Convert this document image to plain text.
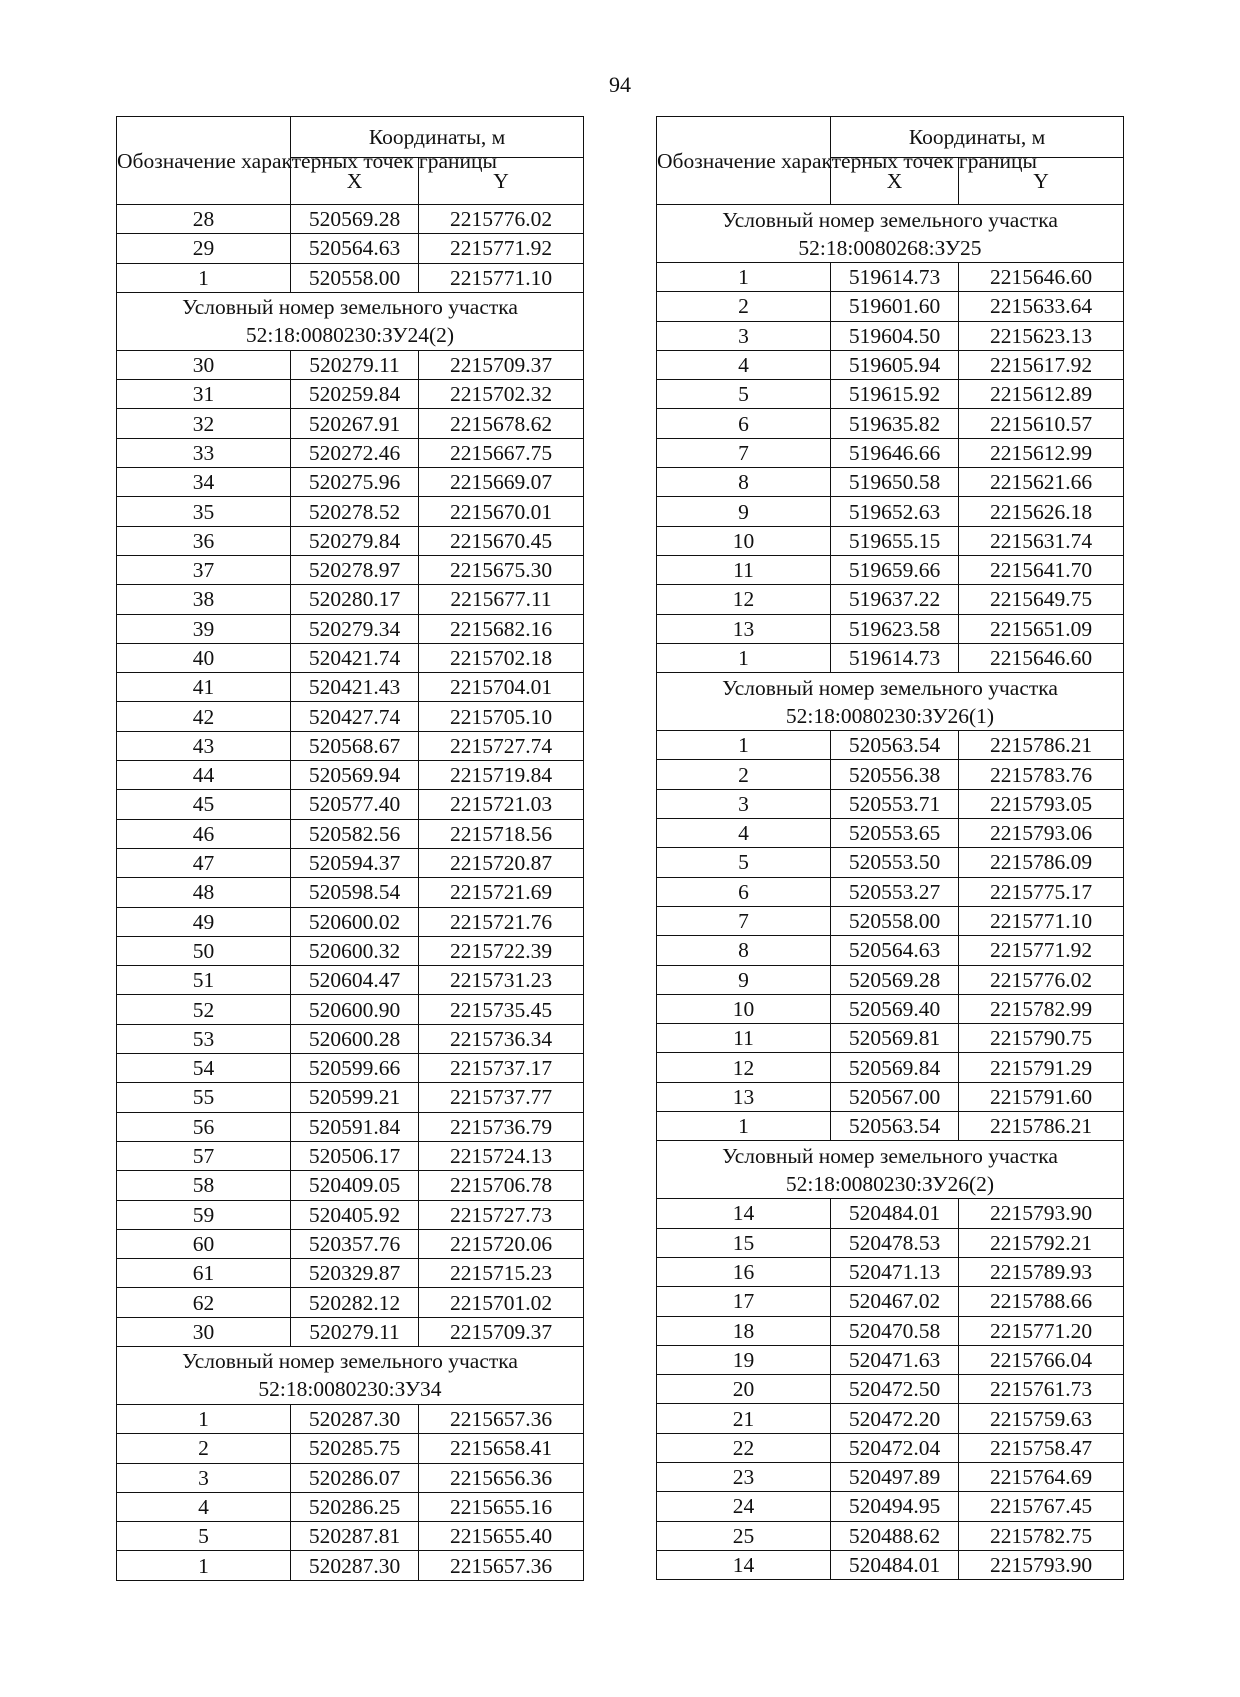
94
Обозначение характерных точек границы	Координаты, м	
	X	Y
28	520569.28	2215776.02
29	520564.63	2215771.92
1	520558.00	2215771.10
Условный номер земельного участка
52:18:0080230:ЗУ24(2)		
30	520279.11	2215709.37
31	520259.84	2215702.32
32	520267.91	2215678.62
33	520272.46	2215667.75
34	520275.96	2215669.07
35	520278.52	2215670.01
36	520279.84	2215670.45
37	520278.97	2215675.30
38	520280.17	2215677.11
39	520279.34	2215682.16
40	520421.74	2215702.18
41	520421.43	2215704.01
42	520427.74	2215705.10
43	520568.67	2215727.74
44	520569.94	2215719.84
45	520577.40	2215721.03
46	520582.56	2215718.56
47	520594.37	2215720.87
48	520598.54	2215721.69
49	520600.02	2215721.76
50	520600.32	2215722.39
51	520604.47	2215731.23
52	520600.90	2215735.45
53	520600.28	2215736.34
54	520599.66	2215737.17
55	520599.21	2215737.77
56	520591.84	2215736.79
57	520506.17	2215724.13
58	520409.05	2215706.78
59	520405.92	2215727.73
60	520357.76	2215720.06
61	520329.87	2215715.23
62	520282.12	2215701.02
30	520279.11	2215709.37
Условный номер земельного участка
52:18:0080230:ЗУ34		
1	520287.30	2215657.36
2	520285.75	2215658.41
3	520286.07	2215656.36
4	520286.25	2215655.16
5	520287.81	2215655.40
1	520287.30	2215657.36
Обозначение характерных точек границы	Координаты, м	
	X	Y
Условный номер земельного участка
52:18:0080268:ЗУ25		
1	519614.73	2215646.60
2	519601.60	2215633.64
3	519604.50	2215623.13
4	519605.94	2215617.92
5	519615.92	2215612.89
6	519635.82	2215610.57
7	519646.66	2215612.99
8	519650.58	2215621.66
9	519652.63	2215626.18
10	519655.15	2215631.74
11	519659.66	2215641.70
12	519637.22	2215649.75
13	519623.58	2215651.09
1	519614.73	2215646.60
Условный номер земельного участка
52:18:0080230:ЗУ26(1)		
1	520563.54	2215786.21
2	520556.38	2215783.76
3	520553.71	2215793.05
4	520553.65	2215793.06
5	520553.50	2215786.09
6	520553.27	2215775.17
7	520558.00	2215771.10
8	520564.63	2215771.92
9	520569.28	2215776.02
10	520569.40	2215782.99
11	520569.81	2215790.75
12	520569.84	2215791.29
13	520567.00	2215791.60
1	520563.54	2215786.21
Условный номер земельного участка
52:18:0080230:ЗУ26(2)		
14	520484.01	2215793.90
15	520478.53	2215792.21
16	520471.13	2215789.93
17	520467.02	2215788.66
18	520470.58	2215771.20
19	520471.63	2215766.04
20	520472.50	2215761.73
21	520472.20	2215759.63
22	520472.04	2215758.47
23	520497.89	2215764.69
24	520494.95	2215767.45
25	520488.62	2215782.75
14	520484.01	2215793.90
